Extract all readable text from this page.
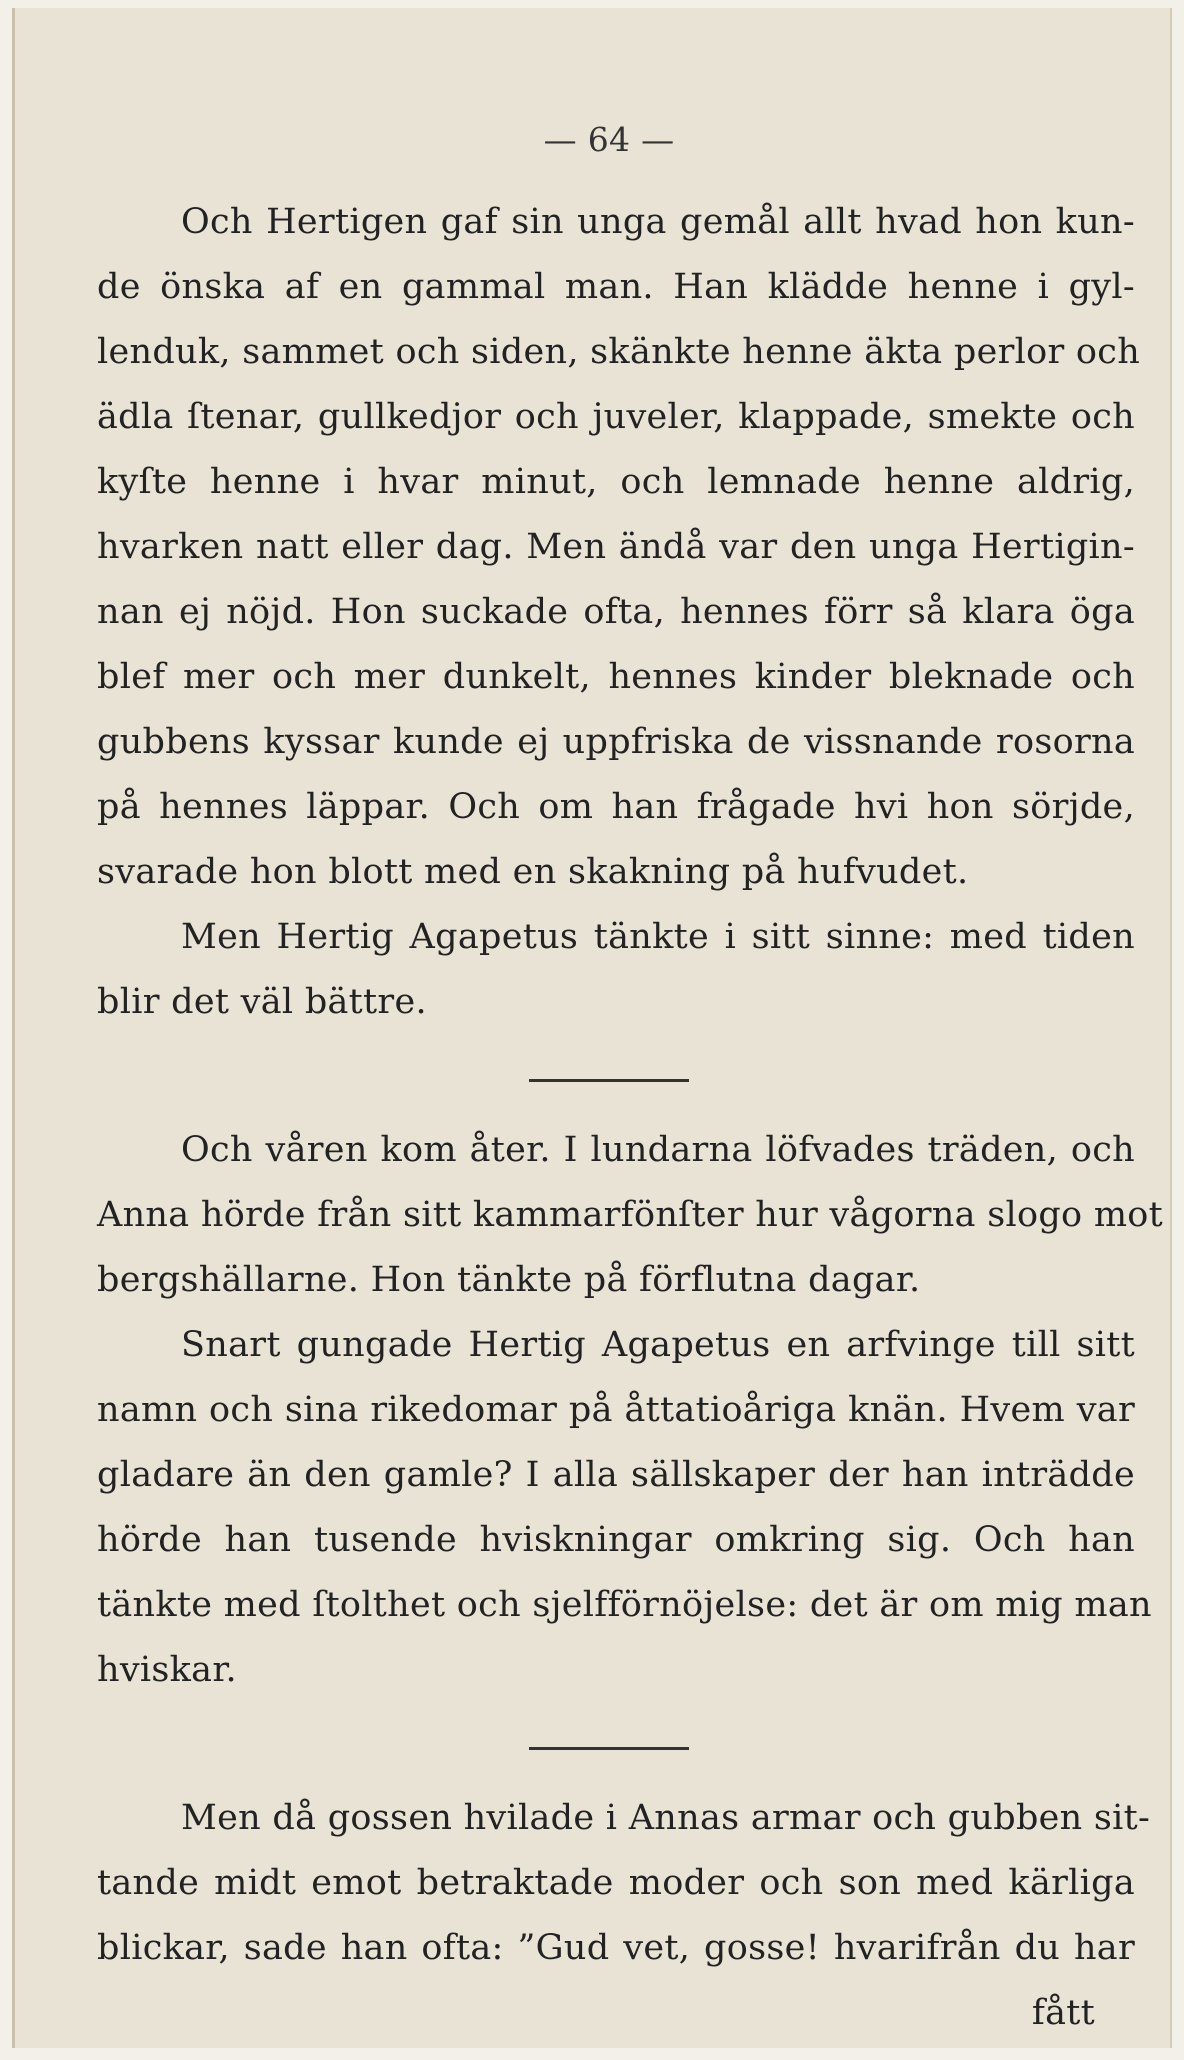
— 64 —
Och Hertigen gaf sin unga gemål allt hvad hon kun-
de önska af en gammal man. Han klädde henne i gyl-
lenduk, sammet och siden, skänkte henne äkta perlor och
ädla ſtenar, gullkedjor och juveler, klappade, smekte och
kyſte henne i hvar minut, och lemnade henne aldrig,
hvarken natt eller dag. Men ändå var den unga Hertigin-
nan ej nöjd. Hon suckade ofta, hennes förr så klara öga
blef mer och mer dunkelt, hennes kinder bleknade och
gubbens kyssar kunde ej uppfriska de vissnande rosorna
på hennes läppar. Och om han frågade hvi hon sörjde,
svarade hon blott med en skakning på hufvudet.
Men Hertig Agapetus tänkte i sitt sinne: med tiden
blir det väl bättre.
Och våren kom åter. I lundarna löfvades träden, och
Anna hörde från sitt kammarfönſter hur vågorna slogo mot
bergshällarne. Hon tänkte på förflutna dagar.
Snart gungade Hertig Agapetus en arfvinge till sitt
namn och sina rikedomar på åttatioåriga knän. Hvem var
gladare än den gamle? I alla sällskaper der han inträdde
hörde han tusende hviskningar omkring sig. Och han
tänkte med ſtolthet och sjelfförnöjelse: det är om mig man
hviskar.
Men då gossen hvilade i Annas armar och gubben sit-
tande midt emot betraktade moder och son med kärliga
blickar, sade han ofta: ”Gud vet, gosse! hvarifrån du har
fått
